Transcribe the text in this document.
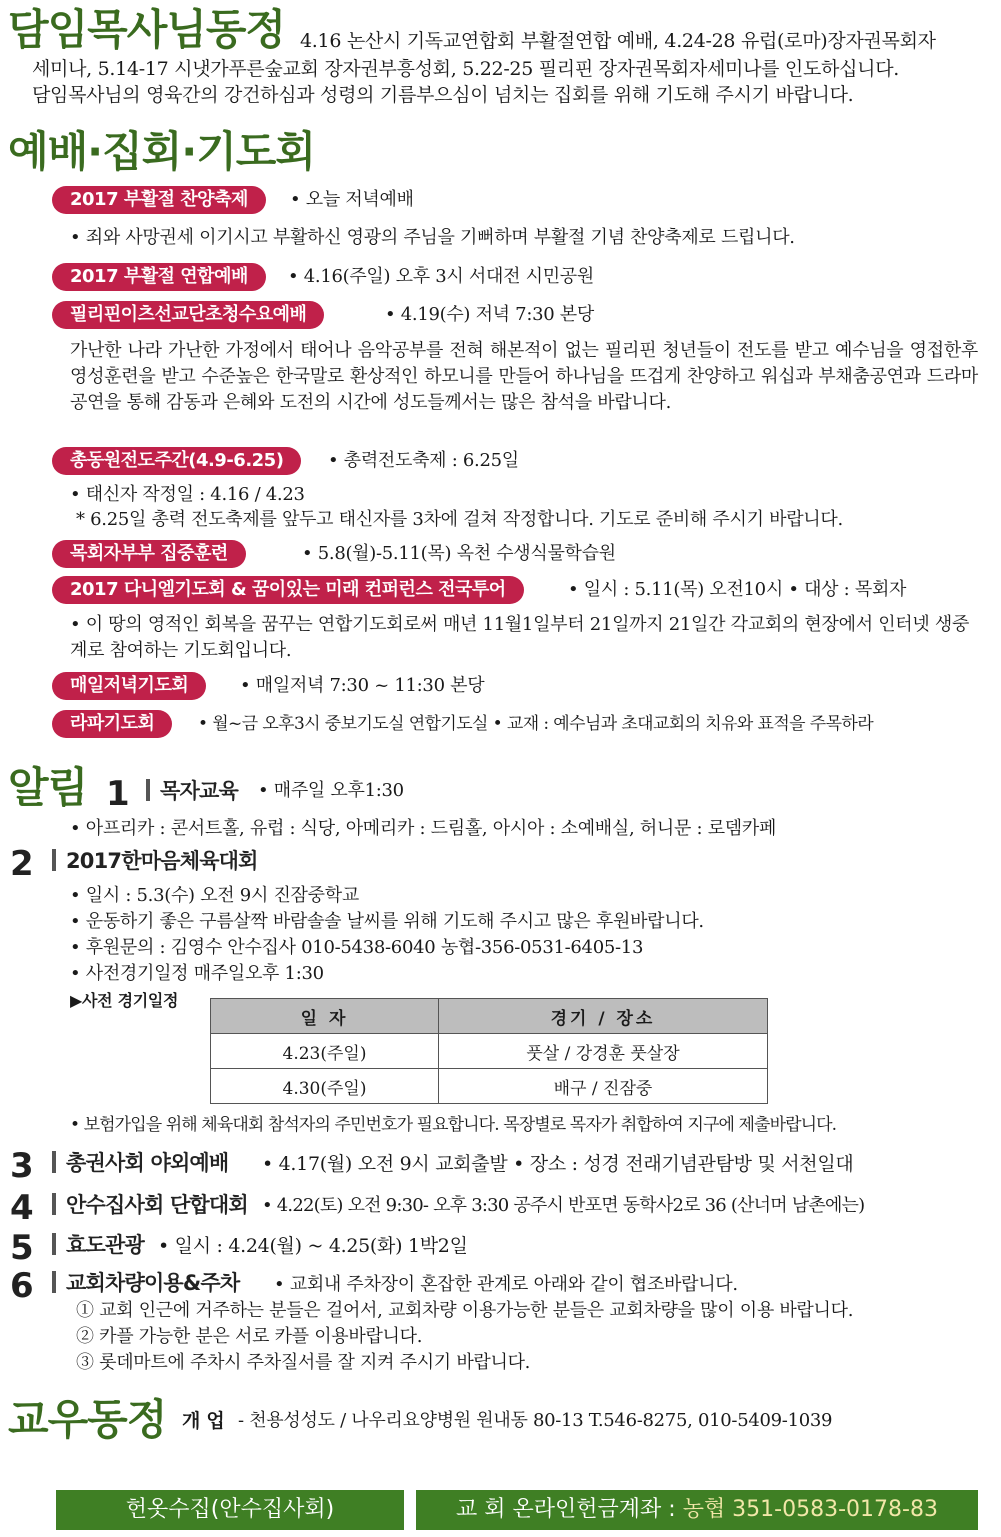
담임목사님동정 4.16 논산시 기독교연합회 부활절연합 예배, 4.24-28 유럽(로마)장자권목회자
세미나, 5.14-17 시냇가푸른숲교회 장자권부흥성회, 5.22-25 필리핀 장자권목회자세미나를 인도하십니다.
담임목사님의 영육간의 강건하심과 성령의 기름부으심이 넘치는 집회를 위해 기도해 주시기 바랍니다.
예배·집회·기도회
2017 부활절 찬양축제	• 오늘 저녁예배
• 죄와 사망권세 이기시고 부활하신 영광의 주님을 기뻐하며 부활절 기념 찬양축제로 드립니다.
2017 부활절 연합예배	• 4.16(주일) 오후 3시 서대전 시민공원
필리핀이츠선교단초청수요예배	• 4.19(수) 저녁 7:30 본당
가난한 나라 가난한 가정에서 태어나 음악공부를 전혀 해본적이 없는 필리핀 청년들이 전도를 받고 예수님을 영접한후 영성훈련을 받고 수준높은 한국말로 환상적인 하모니를 만들어 하나님을 뜨겁게 찬양하고 워십과 부채춤공연과 드라마공연을 통해 감동과 은혜와 도전의 시간에 성도들께서는 많은 참석을 바랍니다.
총동원전도주간(4.9-6.25)	• 총력전도축제 : 6.25일
• 태신자 작정일 : 4.16 / 4.23
* 6.25일 총력 전도축제를 앞두고 태신자를 3차에 걸쳐 작정합니다. 기도로 준비해 주시기 바랍니다.
목회자부부 집중훈련	• 5.8(월)-5.11(목) 옥천 수생식물학습원
2017 다니엘기도회 & 꿈이있는 미래 컨퍼런스 전국투어	• 일시 : 5.11(목) 오전10시 • 대상 : 목회자
• 이 땅의 영적인 회복을 꿈꾸는 연합기도회로써 매년 11월1일부터 21일까지 21일간 각교회의 현장에서 인터넷 생중계로 참여하는 기도회입니다.
매일저녁기도회	• 매일저녁 7:30 ~ 11:30 본당
라파기도회	• 월~금 오후3시 중보기도실 연합기도실 • 교재 : 예수님과 초대교회의 치유와 표적을 주목하라
알림 1	목자교육 • 매주일 오후1:30
• 아프리카 : 콘서트홀, 유럽 : 식당, 아메리카 : 드림홀, 아시아 : 소예배실, 허니문 : 로뎀카페
2	2017한마음체육대회
• 일시 : 5.3(수) 오전 9시 진잠중학교
• 운동하기 좋은 구름살짝 바람솔솔 날씨를 위해 기도해 주시고 많은 후원바랍니다.
• 후원문의 : 김영수 안수집사 010-5438-6040 농협-356-0531-6405-13
• 사전경기일정 매주일오후 1:30
▶사전 경기일정
일 자	경기 / 장소
4.23(주일)	풋살 / 강경훈 풋살장
4.30(주일)	배구 / 진잠중
• 보험가입을 위해 체육대회 참석자의 주민번호가 필요합니다. 목장별로 목자가 취합하여 지구에 제출바랍니다.
3	총권사회 야외예배 • 4.17(월) 오전 9시 교회출발 • 장소 : 성경 전래기념관탐방 및 서천일대
4	안수집사회 단합대회 • 4.22(토) 오전 9:30- 오후 3:30 공주시 반포면 동학사2로 36 (산너머 남촌에는)
5	효도관광 • 일시 : 4.24(월) ~ 4.25(화) 1박2일
6	교회차량이용&주차 • 교회내 주차장이 혼잡한 관계로 아래와 같이 협조바랍니다.
① 교회 인근에 거주하는 분들은 걸어서, 교회차량 이용가능한 분들은 교회차량을 많이 이용 바랍니다.
② 카플 가능한 분은 서로 카플 이용바랍니다.
③ 롯데마트에 주차시 주차질서를 잘 지켜 주시기 바랍니다.
교우동정 개 업 - 천용성성도 / 나우리요양병원 원내동 80-13 T.546-8275, 010-5409-1039
헌옷수집(안수집사회)	교 회 온라인헌금계좌 : 농협 351-0583-0178-83
